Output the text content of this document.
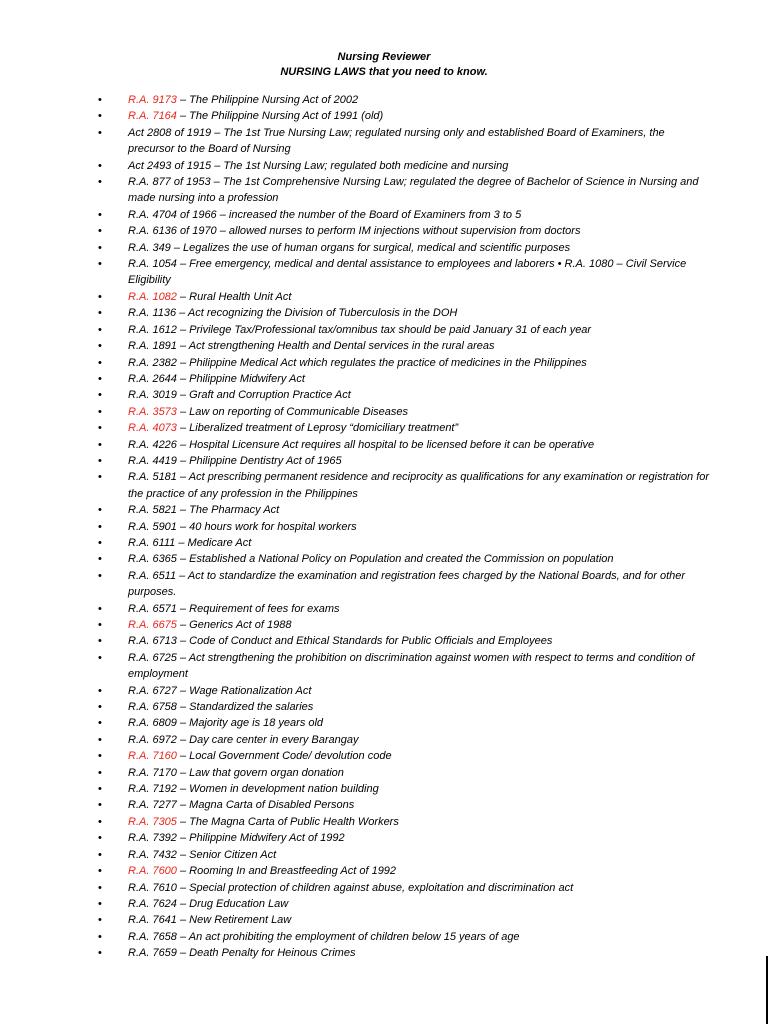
Nursing Reviewer
NURSING LAWS that you need to know.
• R.A. 9173 – The Philippine Nursing Act of 2002
• R.A. 7164 – The Philippine Nursing Act of 1991 (old)
• Act 2808 of 1919 – The 1st True Nursing Law; regulated nursing only and established Board of Examiners, the precursor to the Board of Nursing
• Act 2493 of 1915 – The 1st Nursing Law; regulated both medicine and nursing
• R.A. 877 of 1953 – The 1st Comprehensive Nursing Law; regulated the degree of Bachelor of Science in Nursing and made nursing into a profession
• R.A. 4704 of 1966 – increased the number of the Board of Examiners from 3 to 5
• R.A. 6136 of 1970 – allowed nurses to perform IM injections without supervision from doctors
• R.A. 349 – Legalizes the use of human organs for surgical, medical and scientific purposes
• R.A. 1054 – Free emergency, medical and dental assistance to employees and laborers • R.A. 1080 – Civil Service Eligibility
• R.A. 1082 – Rural Health Unit Act
• R.A. 1136 – Act recognizing the Division of Tuberculosis in the DOH
• R.A. 1612 – Privilege Tax/Professional tax/omnibus tax should be paid January 31 of each year
• R.A. 1891 – Act strengthening Health and Dental services in the rural areas
• R.A. 2382 – Philippine Medical Act which regulates the practice of medicines in the Philippines
• R.A. 2644 – Philippine Midwifery Act
• R.A. 3019 – Graft and Corruption Practice Act
• R.A. 3573 – Law on reporting of Communicable Diseases
• R.A. 4073 – Liberalized treatment of Leprosy “domiciliary treatment”
• R.A. 4226 – Hospital Licensure Act requires all hospital to be licensed before it can be operative
• R.A. 4419 – Philippine Dentistry Act of 1965
• R.A. 5181 – Act prescribing permanent residence and reciprocity as qualifications for any examination or registration for the practice of any profession in the Philippines
• R.A. 5821 – The Pharmacy Act
• R.A. 5901 – 40 hours work for hospital workers
• R.A. 6111 – Medicare Act
• R.A. 6365 – Established a National Policy on Population and created the Commission on population
• R.A. 6511 – Act to standardize the examination and registration fees charged by the National Boards, and for other purposes.
• R.A. 6571 – Requirement of fees for exams
• R.A. 6675 – Generics Act of 1988
• R.A. 6713 – Code of Conduct and Ethical Standards for Public Officials and Employees
• R.A. 6725 – Act strengthening the prohibition on discrimination against women with respect to terms and condition of employment
• R.A. 6727 – Wage Rationalization Act
• R.A. 6758 – Standardized the salaries
• R.A. 6809 – Majority age is 18 years old
• R.A. 6972 – Day care center in every Barangay
• R.A. 7160 – Local Government Code/ devolution code
• R.A. 7170 – Law that govern organ donation
• R.A. 7192 – Women in development nation building
• R.A. 7277 – Magna Carta of Disabled Persons
• R.A. 7305 – The Magna Carta of Public Health Workers
• R.A. 7392 – Philippine Midwifery Act of 1992
• R.A. 7432 – Senior Citizen Act
• R.A. 7600 – Rooming In and Breastfeeding Act of 1992
• R.A. 7610 – Special protection of children against abuse, exploitation and discrimination act
• R.A. 7624 – Drug Education Law
• R.A. 7641 – New Retirement Law
• R.A. 7658 – An act prohibiting the employment of children below 15 years of age
• R.A. 7659 – Death Penalty for Heinous Crimes
